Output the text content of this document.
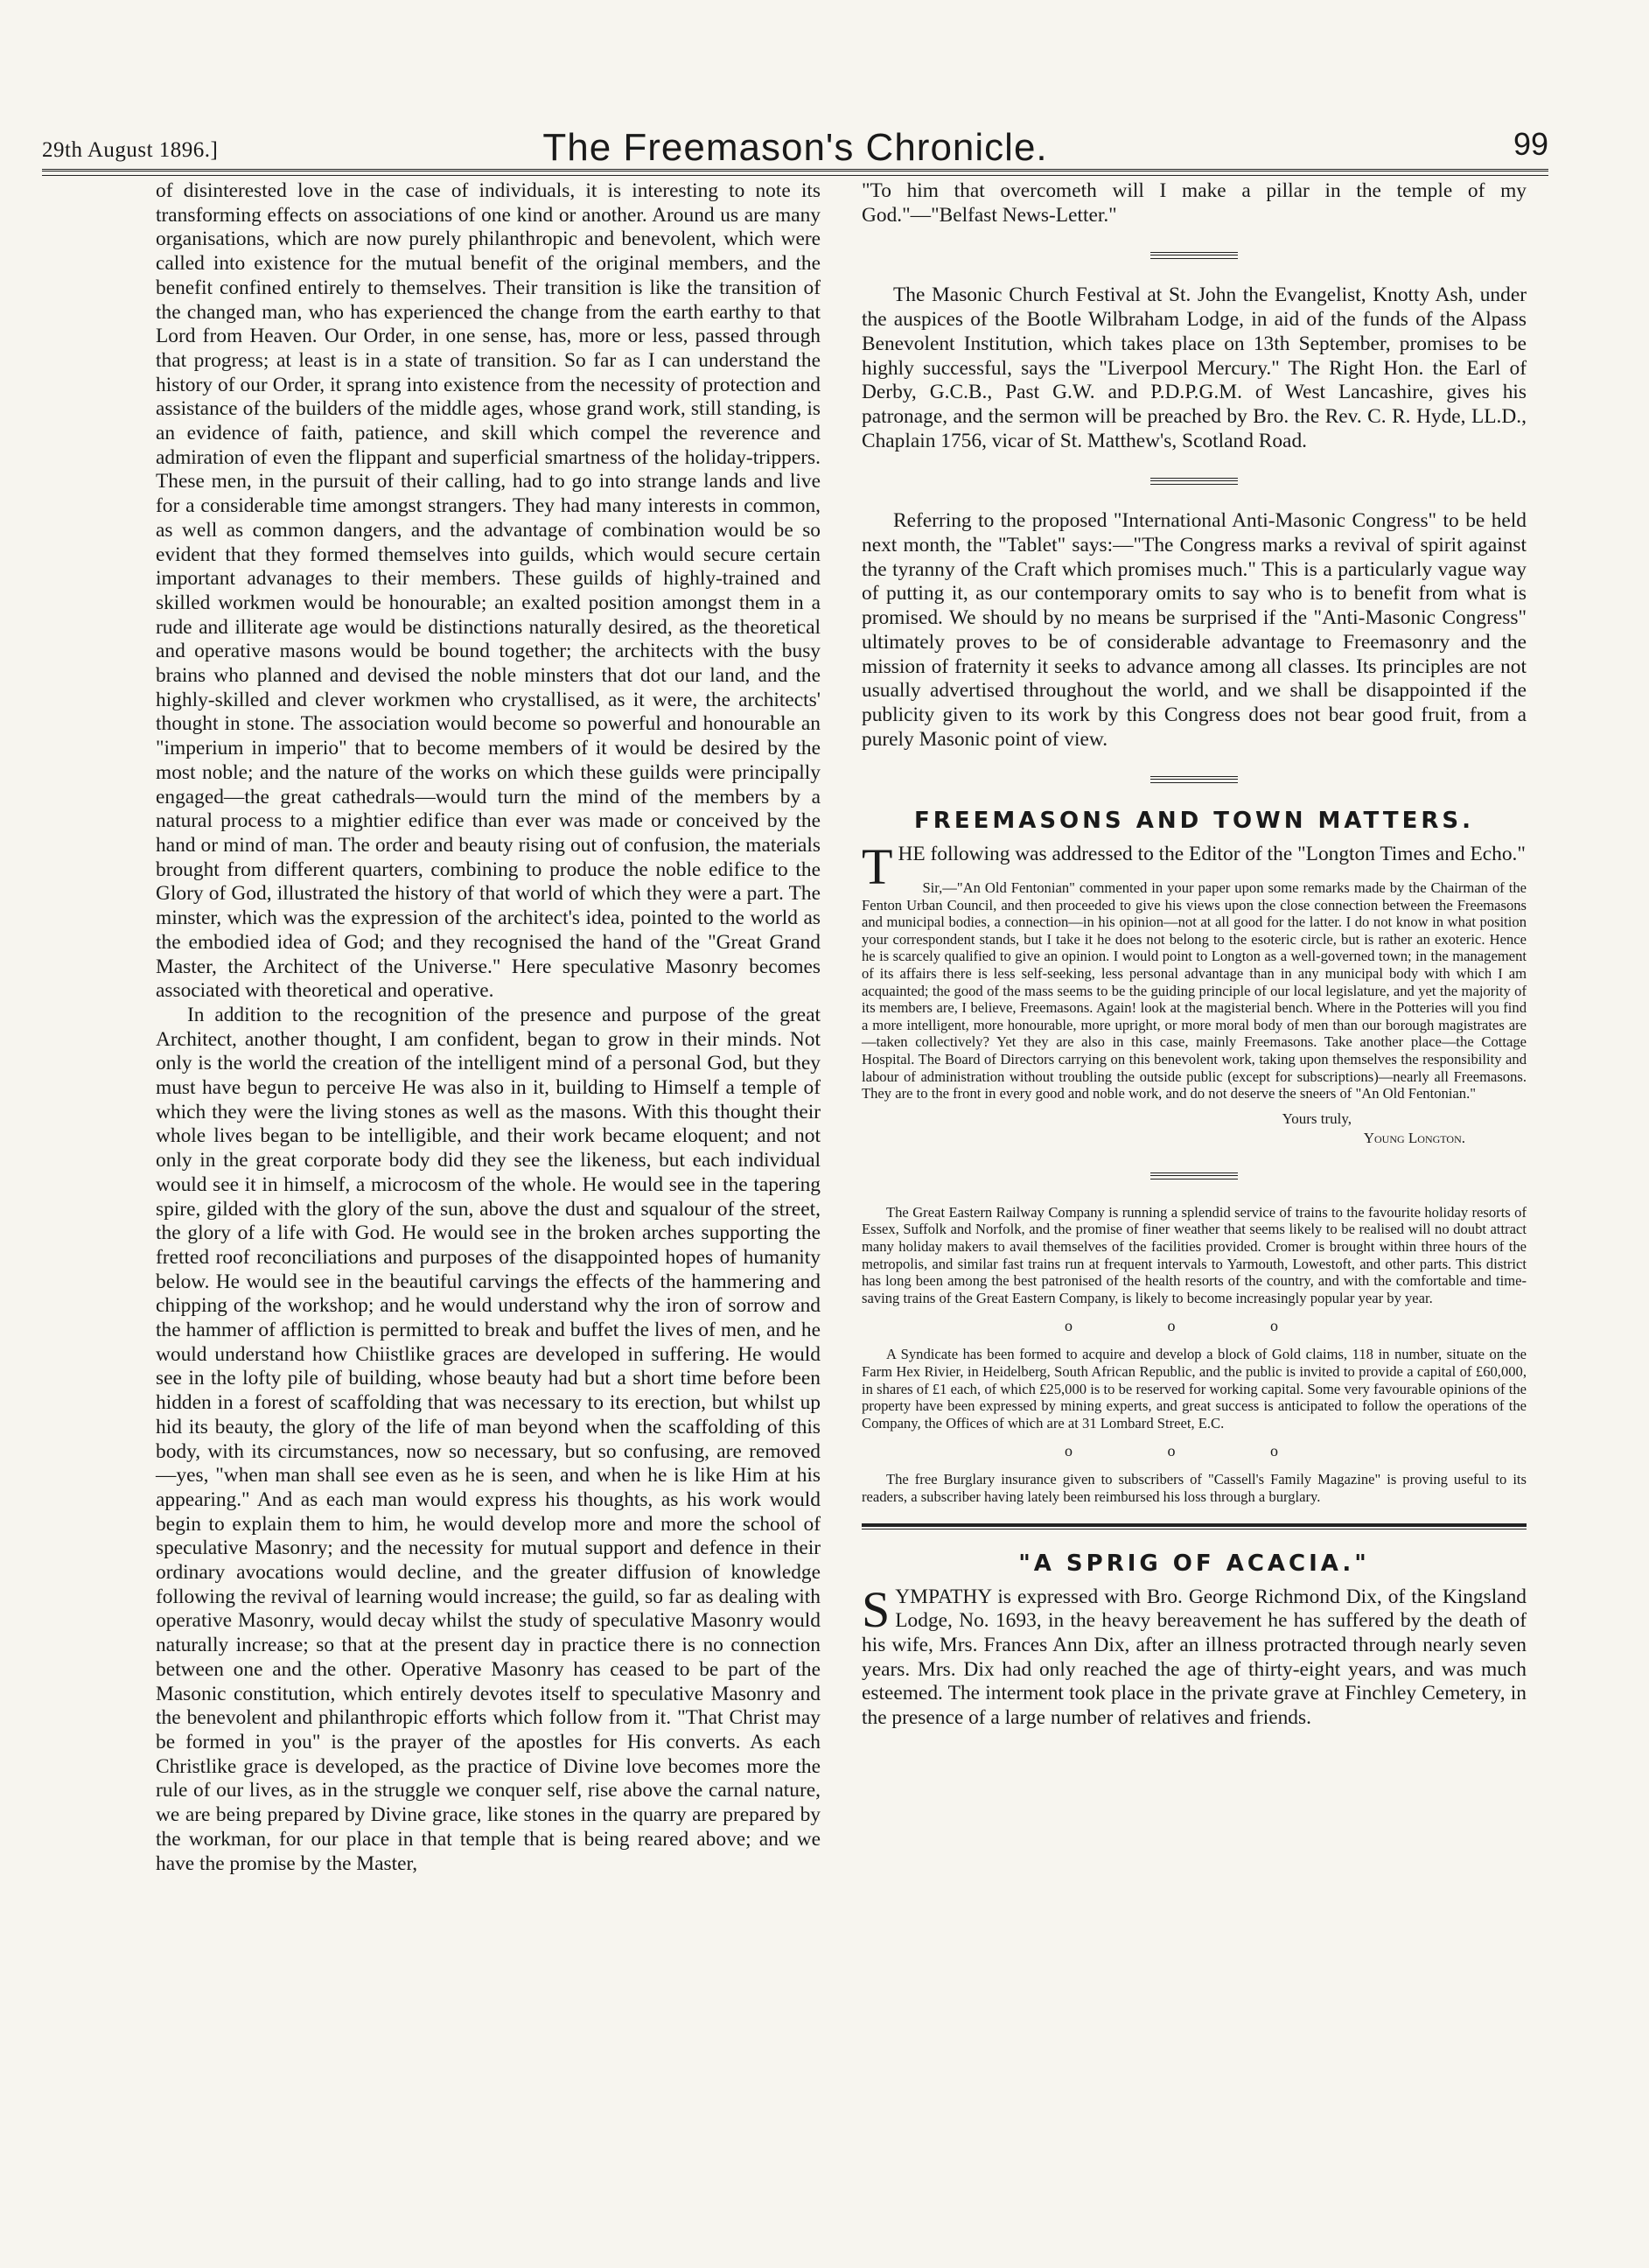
29th August 1896.]	The Freemason's Chronicle.	99

of disinterested love in the case of individuals, it is interesting to note its transforming effects on associations of one kind or another. Around us are many organisations, which are now purely philanthropic and benevolent, which were called into existence for the mutual benefit of the original members, and the benefit confined entirely to themselves. Their transition is like the transition of the changed man, who has experienced the change from the earth earthy to that Lord from Heaven. Our Order, in one sense, has, more or less, passed through that progress; at least is in a state of transition. So far as I can understand the history of our Order, it sprang into existence from the necessity of protection and assistance of the builders of the middle ages, whose grand work, still standing, is an evidence of faith, patience, and skill which compel the reverence and admiration of even the flippant and superficial smartness of the holiday-trippers. These men, in the pursuit of their calling, had to go into strange lands and live for a considerable time amongst strangers. They had many interests in common, as well as common dangers, and the advantage of combination would be so evident that they formed themselves into guilds, which would secure certain important advanages to their members. These guilds of highly-trained and skilled workmen would be honourable; an exalted position amongst them in a rude and illiterate age would be distinctions naturally desired, as the theoretical and operative masons would be bound together; the architects with the busy brains who planned and devised the noble minsters that dot our land, and the highly-skilled and clever workmen who crystallised, as it were, the architects' thought in stone. The association would become so powerful and honourable an "imperium in imperio" that to become members of it would be desired by the most noble; and the nature of the works on which these guilds were principally engaged—the great cathedrals—would turn the mind of the members by a natural process to a mightier edifice than ever was made or conceived by the hand or mind of man. The order and beauty rising out of confusion, the materials brought from different quarters, combining to produce the noble edifice to the Glory of God, illustrated the history of that world of which they were a part. The minster, which was the expression of the architect's idea, pointed to the world as the embodied idea of God; and they recognised the hand of the "Great Grand Master, the Architect of the Universe." Here speculative Masonry becomes associated with theoretical and operative.

In addition to the recognition of the presence and purpose of the great Architect, another thought, I am confident, began to grow in their minds. Not only is the world the creation of the intelligent mind of a personal God, but they must have begun to perceive He was also in it, building to Himself a temple of which they were the living stones as well as the masons. With this thought their whole lives began to be intelligible, and their work became eloquent; and not only in the great corporate body did they see the likeness, but each individual would see it in himself, a microcosm of the whole. He would see in the tapering spire, gilded with the glory of the sun, above the dust and squalour of the street, the glory of a life with God. He would see in the broken arches supporting the fretted roof reconciliations and purposes of the disappointed hopes of humanity below. He would see in the beautiful carvings the effects of the hammering and chipping of the workshop; and he would understand why the iron of sorrow and the hammer of affliction is permitted to break and buffet the lives of men, and he would understand how Chiistlike graces are developed in suffering. He would see in the lofty pile of building, whose beauty had but a short time before been hidden in a forest of scaffolding that was necessary to its erection, but whilst up hid its beauty, the glory of the life of man beyond when the scaffolding of this body, with its circumstances, now so necessary, but so confusing, are removed —yes, "when man shall see even as he is seen, and when he is like Him at his appearing." And as each man would express his thoughts, as his work would begin to explain them to him, he would develop more and more the school of speculative Masonry; and the necessity for mutual support and defence in their ordinary avocations would decline, and the greater diffusion of knowledge following the revival of learning would increase; the guild, so far as dealing with operative Masonry, would decay whilst the study of speculative Masonry would naturally increase; so that at the present day in practice there is no connection between one and the other. Operative Masonry has ceased to be part of the Masonic constitution, which entirely devotes itself to speculative Masonry and the benevolent and philanthropic efforts which follow from it. "That Christ may be formed in you" is the prayer of the apostles for His converts. As each Christlike grace is developed, as the practice of Divine love becomes more the rule of our lives, as in the struggle we conquer self, rise above the carnal nature, we are being prepared by Divine grace, like stones in the quarry are prepared by the workman, for our place in that temple that is being reared above; and we have the promise by the Master,

"To him that overcometh will I make a pillar in the temple of my God."—"Belfast News-Letter."

The Masonic Church Festival at St. John the Evangelist, Knotty Ash, under the auspices of the Bootle Wilbraham Lodge, in aid of the funds of the Alpass Benevolent Institution, which takes place on 13th September, promises to be highly successful, says the "Liverpool Mercury." The Right Hon. the Earl of Derby, G.C.B., Past G.W. and P.D.P.G.M. of West Lancashire, gives his patronage, and the sermon will be preached by Bro. the Rev. C. R. Hyde, LL.D., Chaplain 1756, vicar of St. Matthew's, Scotland Road.

Referring to the proposed "International Anti-Masonic Congress" to be held next month, the "Tablet" says:—"The Congress marks a revival of spirit against the tyranny of the Craft which promises much." This is a particularly vague way of putting it, as our contemporary omits to say who is to benefit from what is promised. We should by no means be surprised if the "Anti-Masonic Congress" ultimately proves to be of considerable advantage to Freemasonry and the mission of fraternity it seeks to advance among all classes. Its principles are not usually advertised throughout the world, and we shall be disappointed if the publicity given to its work by this Congress does not bear good fruit, from a purely Masonic point of view.

FREEMASONS AND TOWN MATTERS.

THE following was addressed to the Editor of the "Longton Times and Echo."

Sir,—"An Old Fentonian" commented in your paper upon some remarks made by the Chairman of the Fenton Urban Council, and then proceeded to give his views upon the close connection between the Freemasons and municipal bodies, a connection—in his opinion—not at all good for the latter. I do not know in what position your correspondent stands, but I take it he does not belong to the esoteric circle, but is rather an exoteric. Hence he is scarcely qualified to give an opinion. I would point to Longton as a well-governed town; in the management of its affairs there is less self-seeking, less personal advantage than in any municipal body with which I am acquainted; the good of the mass seems to be the guiding principle of our local legislature, and yet the majority of its members are, I believe, Freemasons. Again! look at the magisterial bench. Where in the Potteries will you find a more intelligent, more honourable, more upright, or more moral body of men than our borough magistrates are—taken collectively? Yet they are also in this case, mainly Freemasons. Take another place—the Cottage Hospital. The Board of Directors carrying on this benevolent work, taking upon themselves the responsibility and labour of administration without troubling the outside public (except for subscriptions)—nearly all Freemasons. They are to the front in every good and noble work, and do not deserve the sneers of "An Old Fentonian."

Yours truly,
Young Longton.

The Great Eastern Railway Company is running a splendid service of trains to the favourite holiday resorts of Essex, Suffolk and Norfolk, and the promise of finer weather that seems likely to be realised will no doubt attract many holiday makers to avail themselves of the facilities provided. Cromer is brought within three hours of the metropolis, and similar fast trains run at frequent intervals to Yarmouth, Lowestoft, and other parts. This district has long been among the best patronised of the health resorts of the country, and with the comfortable and time-saving trains of the Great Eastern Company, is likely to become increasingly popular year by year.

o o o

A Syndicate has been formed to acquire and develop a block of Gold claims, 118 in number, situate on the Farm Hex Rivier, in Heidelberg, South African Republic, and the public is invited to provide a capital of £60,000, in shares of £1 each, of which £25,000 is to be reserved for working capital. Some very favourable opinions of the property have been expressed by mining experts, and great success is anticipated to follow the operations of the Company, the Offices of which are at 31 Lombard Street, E.C.

o o o

The free Burglary insurance given to subscribers of "Cassell's Family Magazine" is proving useful to its readers, a subscriber having lately been reimbursed his loss through a burglary.

"A SPRIG OF ACACIA."

SYMPATHY is expressed with Bro. George Richmond Dix, of the Kingsland Lodge, No. 1693, in the heavy bereavement he has suffered by the death of his wife, Mrs. Frances Ann Dix, after an illness protracted through nearly seven years. Mrs. Dix had only reached the age of thirty-eight years, and was much esteemed. The interment took place in the private grave at Finchley Cemetery, in the presence of a large number of relatives and friends.
